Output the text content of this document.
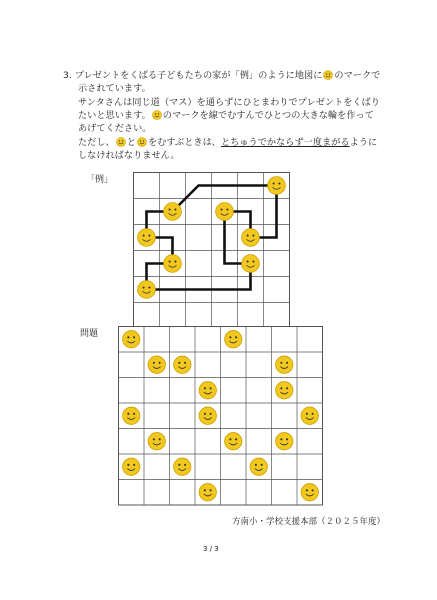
3. プレゼントをくばる子どもたちの家が「例」のように地図に のマークで
示されています。
サンタさんは同じ道（マス）を通らずにひとまわりでプレゼントをくばり
たいと思います。 のマークを線でむすんでひとつの大きな輪を作って
あげてください。
ただし、 と をむすぶときは、とちゅうでかならず一度まがるように
しなければなりません。
「例」
問題
方南小・学校支援本部（２０２５年度）
3 / 3
